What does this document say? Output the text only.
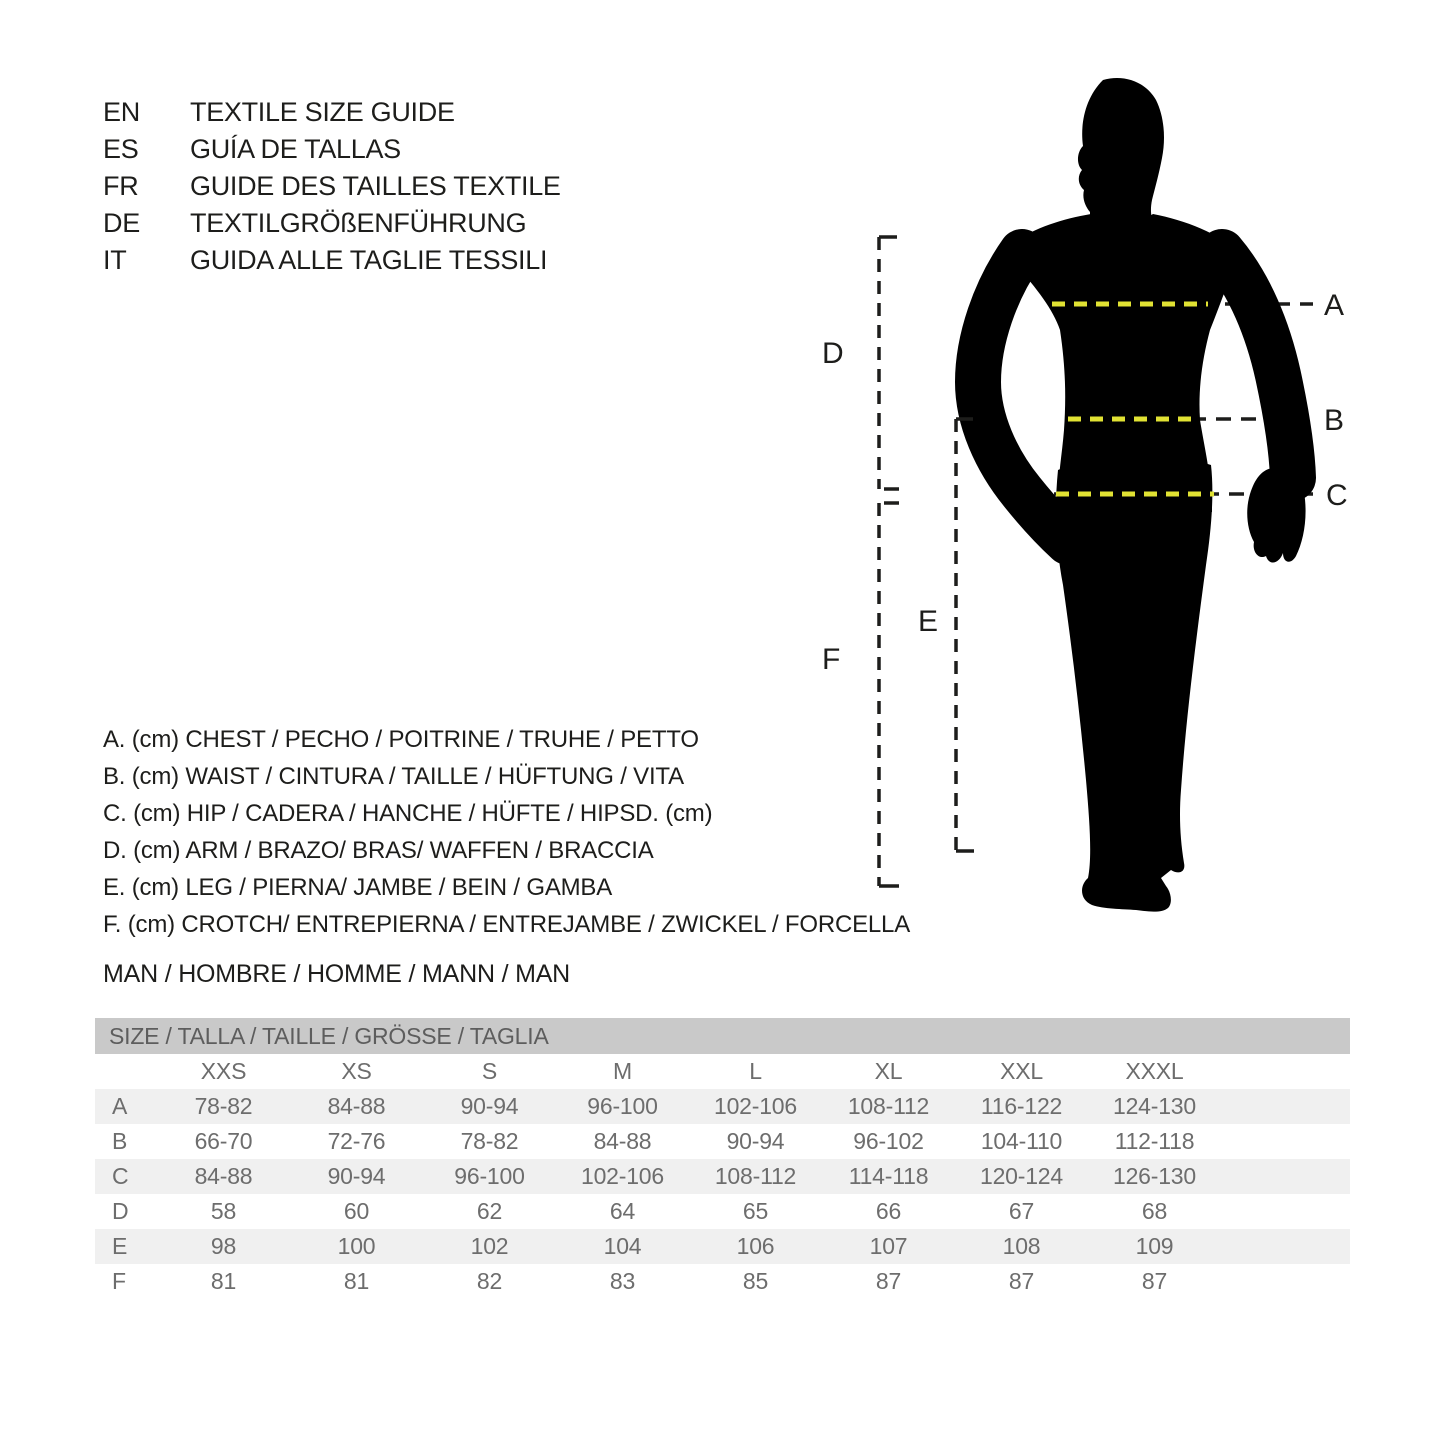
A
B
C
D
E
F
EN	TEXTILE SIZE GUIDE
ES	GUÍA DE TALLAS
FR	GUIDE DES TAILLES TEXTILE
DE	TEXTILGRÖßENFÜHRUNG
IT	GUIDA ALLE TAGLIE TESSILI
A. (cm) CHEST / PECHO / POITRINE / TRUHE / PETTO
B. (cm) WAIST / CINTURA / TAILLE / HÜFTUNG / VITA
C. (cm) HIP / CADERA / HANCHE / HÜFTE / HIPSD. (cm)
D. (cm) ARM / BRAZO/ BRAS/ WAFFEN / BRACCIA
E. (cm) LEG / PIERNA/ JAMBE / BEIN / GAMBA
F. (cm) CROTCH/ ENTREPIERNA / ENTREJAMBE / ZWICKEL / FORCELLA
MAN / HOMBRE / HOMME / MANN / MAN
SIZE / TALLA / TAILLE / GRÖSSE / TAGLIA
	XXS	XS	S	M	L	XL	XXL	XXXL	
A	78-82	84-88	90-94	96-100	102-106	108-112	116-122	124-130	
B	66-70	72-76	78-82	84-88	90-94	96-102	104-110	112-118	
C	84-88	90-94	96-100	102-106	108-112	114-118	120-124	126-130	
D	58	60	62	64	65	66	67	68	
E	98	100	102	104	106	107	108	109	
F	81	81	82	83	85	87	87	87	
